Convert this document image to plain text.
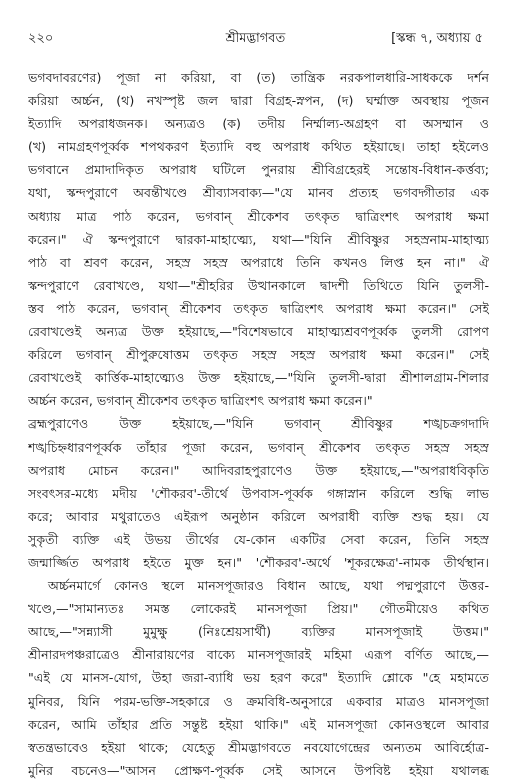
২২০	শ্রীমদ্ভাগবত	[স্কন্ধ ৭, অধ্যায় ৫
ভগবদাবরণের) পূজা না করিয়া, বা (ত) তান্ত্রিক নরকপালধারি-সাধককে দর্শন
করিয়া অর্চ্চন, (থ) নখস্পৃষ্ট জল দ্বারা বিগ্রহ-স্নপন, (দ) ঘর্ম্মাক্ত অবস্থায় পূজন
ইত্যাদি অপরাধজনক। অন্যত্রও (ক) তদীয় নির্ম্মাল্য-অগ্রহণ বা অসম্মান ও
(খ) নামগ্রহণপূর্ব্বক শপথকরণ ইত্যাদি বহু অপরাধ কথিত হইয়াছে। তাহা হইলেও
ভগবানে প্রমাদাদিকৃত অপরাধ ঘটিলে পুনরায় শ্রীবিগ্রহেরই সন্তোষ-বিধান-কর্ত্তব্য;
যথা, স্কন্দপুরাণে অবন্তীখণ্ডে শ্রীব্যাসবাক্য—"যে মানব প্রত্যহ ভগবদ্গীতার এক
অধ্যায় মাত্র পাঠ করেন, ভগবান্ শ্রীকেশব তৎকৃত দ্বাত্রিংশৎ অপরাধ ক্ষমা
করেন।" ঐ স্কন্দপুরাণে দ্বারকা-মাহাত্ম্যে, যথা—"যিনি শ্রীবিষ্ণুর সহস্রনাম-মাহাত্ম্য
পাঠ বা শ্রবণ করেন, সহস্র সহস্র অপরাধে তিনি কখনও লিপ্ত হন না।" ঐ
স্কন্দপুরাণে রেবাখণ্ডে, যথা—"শ্রীহরির উত্থানকালে দ্বাদশী তিথিতে যিনি তুলসী-
স্তব পাঠ করেন, ভগবান্ শ্রীকেশব তৎকৃত দ্বাত্রিংশৎ অপরাধ ক্ষমা করেন।" সেই
রেবাখণ্ডেই অন্যত্র উক্ত হইয়াছে,—"বিশেষভাবে মাহাত্ম্যশ্রবণপূর্ব্বক তুলসী রোপণ
করিলে ভগবান্ শ্রীপুরুষোত্তম তৎকৃত সহস্র সহস্র অপরাধ ক্ষমা করেন।" সেই
রেবাখণ্ডেই কার্ত্তিক-মাহাত্ম্যেও উক্ত হইয়াছে,—"যিনি তুলসী-দ্বারা শ্রীশালগ্রাম-শিলার
অর্চ্চন করেন, ভগবান্ শ্রীকেশব তৎকৃত দ্বাত্রিংশৎ অপরাধ ক্ষমা করেন।"
ব্রহ্মপুরাণেও উক্ত হইয়াছে,—"যিনি ভগবান্ শ্রীবিষ্ণুর শঙ্খচক্রগদাদি
শঙ্খচিহ্নধারণপূর্ব্বক তাঁহার পূজা করেন, ভগবান্ শ্রীকেশব তৎকৃত সহস্র সহস্র
অপরাধ মোচন করেন।" আদিবরাহপুরাণেও উক্ত হইয়াছে,—"অপরাধবিকৃতি
সংবৎসর-মধ্যে মদীয় 'শৌকরব'-তীর্থে উপবাস-পূর্ব্বক গঙ্গাস্নান করিলে শুদ্ধি লাভ
করে; আবার মথুরাতেও এইরূপ অনুষ্ঠান করিলে অপরাধী ব্যক্তি শুদ্ধ হয়। যে
সুকৃতী ব্যক্তি এই উভয় তীর্থের যে-কোন একটির সেবা করেন, তিনি সহস্র
জন্মার্জ্জিত অপরাধ হইতে মুক্ত হন।" 'শৌকরব'-অর্থে 'শূকরক্ষেত্র'-নামক তীর্থস্থান।
অর্চ্চনমার্গে কোনও স্থলে মানসপূজারও বিধান আছে, যথা পদ্মপুরাণে উত্তর-
খণ্ডে,—"সামান্যতঃ সমস্ত লোকেরই মানসপূজা প্রিয়।" গৌতমীয়েও কথিত
আছে,—"সন্ন্যাসী মুমুক্ষু (নিঃশ্রেয়সার্থী) ব্যক্তির মানসপূজাই উত্তম।"
শ্রীনারদপঞ্চরাত্রেও শ্রীনারায়ণের বাক্যে মানসপূজারই মহিমা এরূপ বর্ণিত আছে,—
"এই যে মানস-যোগ, উহা জরা-ব্যাধি ভয় হরণ করে" ইত্যাদি শ্লোকে "হে মহামতে
মুনিবর, যিনি পরম-ভক্তি-সহকারে ও ক্রমবিধি-অনুসারে একবার মাত্রও মানসপূজা
করেন, আমি তাঁহার প্রতি সন্তুষ্ট হইয়া থাকি।" এই মানসপূজা কোনওস্থলে আবার
স্বতন্ত্রভাবেও হইয়া থাকে; যেহেতু শ্রীমদ্ভাগবতে নবযোগেন্দ্রের অন্যতম আবির্হোত্র-
মুনির বচনেও—"আসন প্রোক্ষণ-পূর্ব্বক সেই আসনে উপবিষ্ট হইয়া যথালব্ধ
